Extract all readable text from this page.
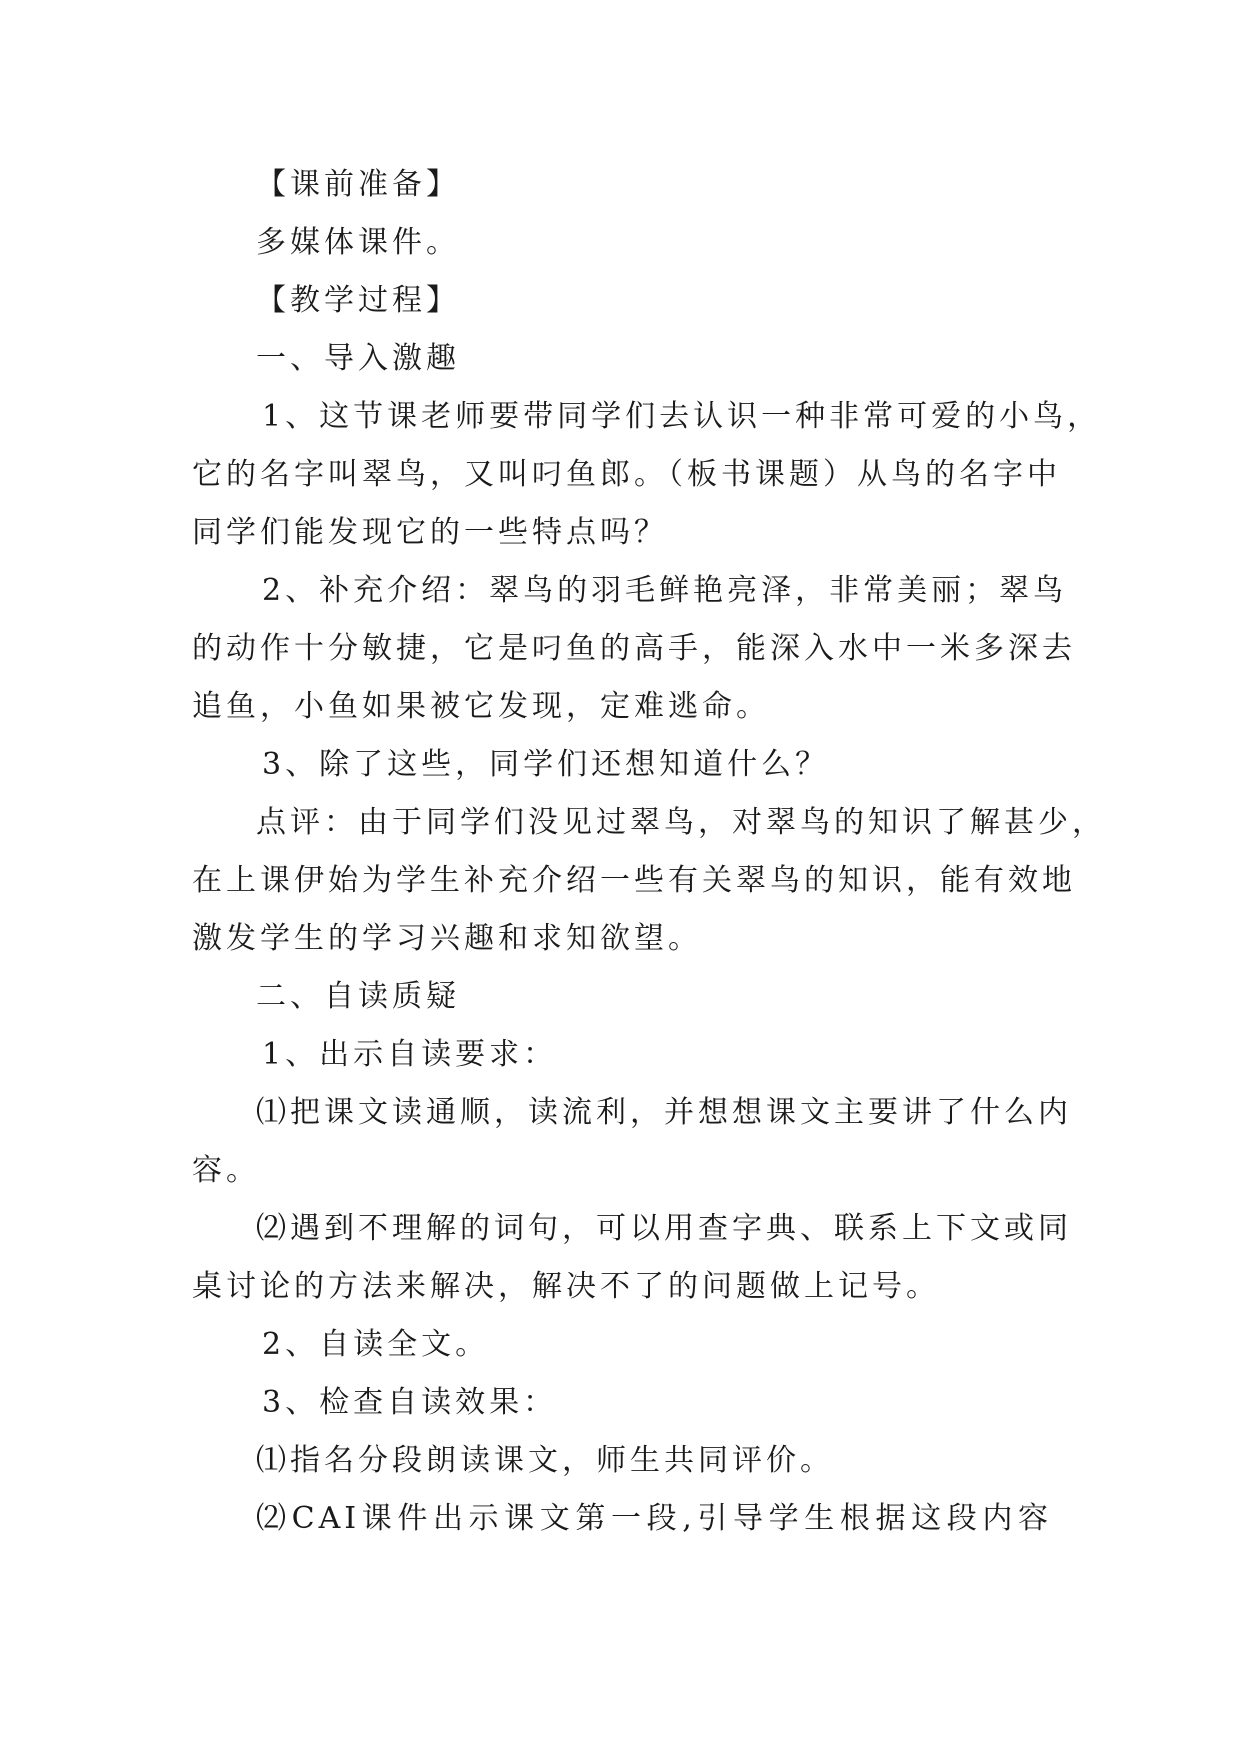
【课前准备】
多媒体课件。
【教学过程】
一、导入激趣
1、这节课老师要带同学们去认识一种非常可爱的小鸟，
它的名字叫翠鸟，又叫叼鱼郎。（板书课题）从鸟的名字中
同学们能发现它的一些特点吗？
2、补充介绍：翠鸟的羽毛鲜艳亮泽，非常美丽；翠鸟
的动作十分敏捷，它是叼鱼的高手，能深入水中一米多深去
追鱼，小鱼如果被它发现，定难逃命。
3、除了这些，同学们还想知道什么？
点评：由于同学们没见过翠鸟，对翠鸟的知识了解甚少，
在上课伊始为学生补充介绍一些有关翠鸟的知识，能有效地
激发学生的学习兴趣和求知欲望。
二、自读质疑
1、出示自读要求：
⑴把课文读通顺，读流利，并想想课文主要讲了什么内
容。
⑵遇到不理解的词句，可以用查字典、联系上下文或同
桌讨论的方法来解决，解决不了的问题做上记号。
2、自读全文。
3、检查自读效果：
⑴指名分段朗读课文，师生共同评价。
⑵CAI课件出示课文第一段,引导学生根据这段内容
